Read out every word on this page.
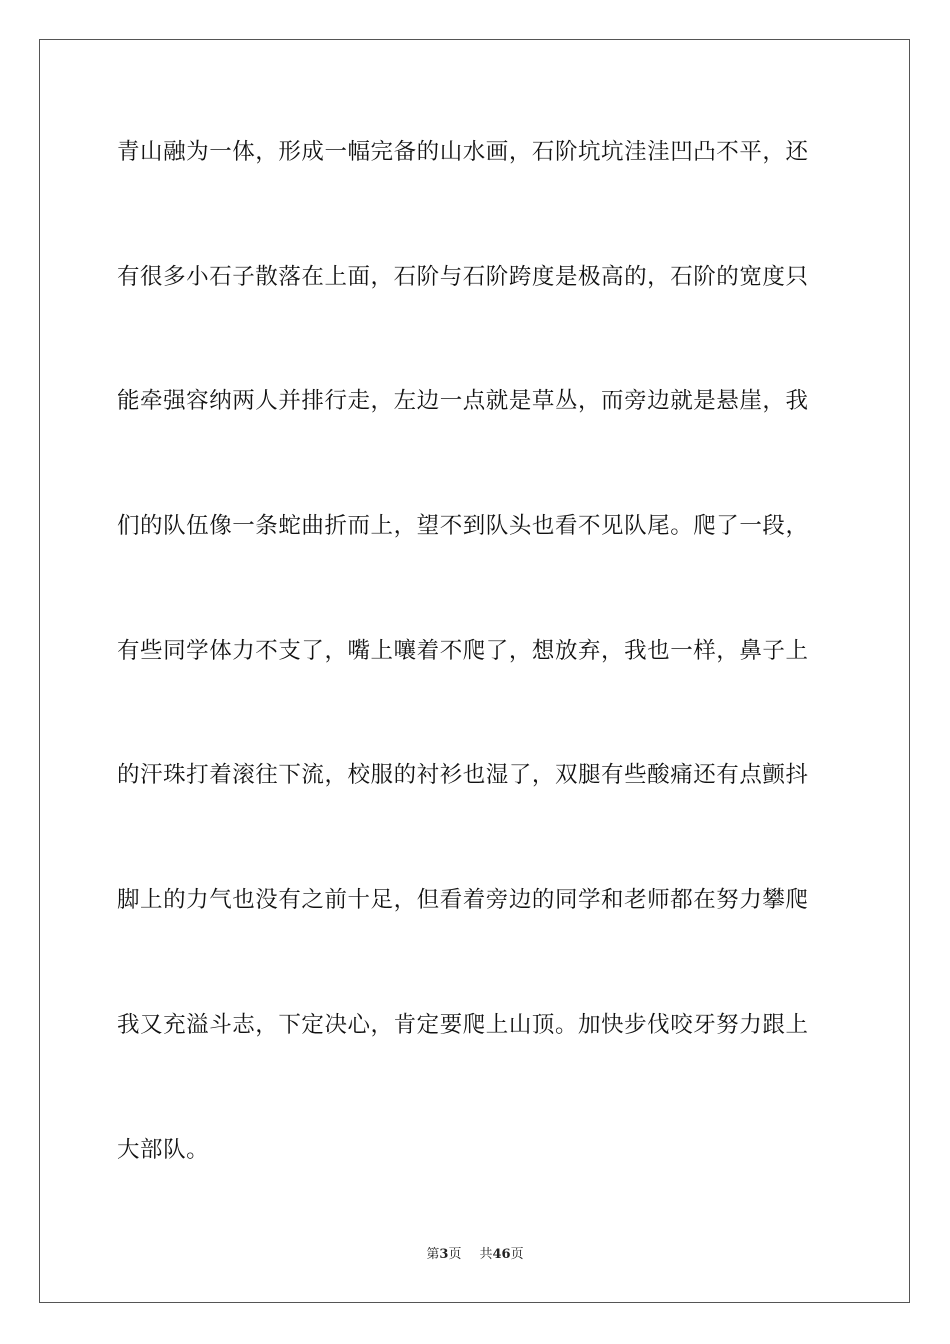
青山融为一体，形成一幅完备的山水画，石阶坑坑洼洼凹凸不平，还
有很多小石子散落在上面，石阶与石阶跨度是极高的，石阶的宽度只
能牵强容纳两人并排行走，左边一点就是草丛，而旁边就是悬崖，我
们的队伍像一条蛇曲折而上，望不到队头也看不见队尾。爬了一段，
有些同学体力不支了，嘴上嚷着不爬了，想放弃，我也一样，鼻子上
的汗珠打着滚往下流，校服的衬衫也湿了，双腿有些酸痛还有点颤抖
脚上的力气也没有之前十足，但看着旁边的同学和老师都在努力攀爬
我又充溢斗志，下定决心，肯定要爬上山顶。加快步伐咬牙努力跟上
大部队。
第3页 共46页
